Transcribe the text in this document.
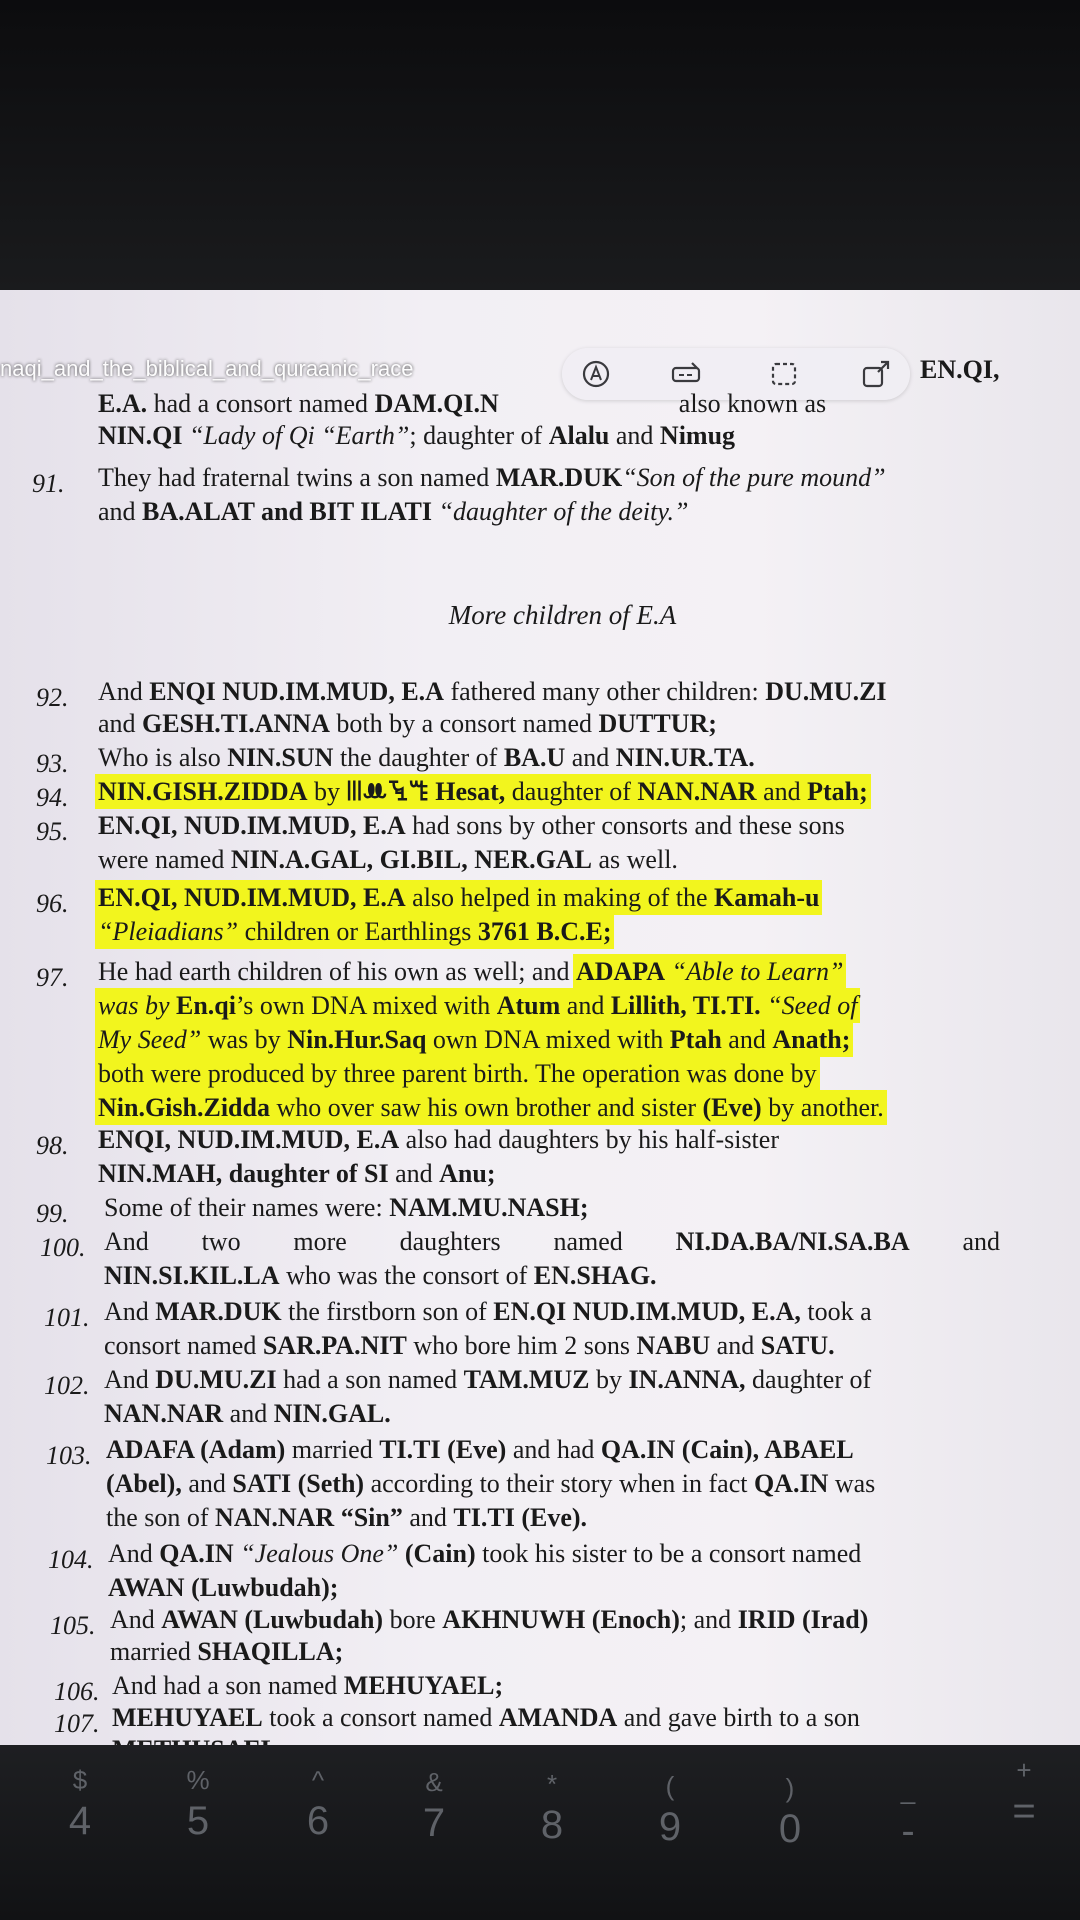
naqi_and_the_biblical_and_quraanic_race	EN.QI,
E.A. had a consort named DAM.QI.N	also known as
NIN.QI “Lady of Qi “Earth”; daughter of Alalu and Nimug
91. They had fraternal twins a son named MAR.DUK“Son of the pure mound”
and BA.ALAT and BIT ILATI “daughter of the deity.”
More children of E.A
92. And ENQI NUD.IM.MUD, E.A fathered many other children: DU.MU.ZI
and GESH.TI.ANNA both by a consort named DUTTUR;
93. Who is also NIN.SUN the daughter of BA.U and NIN.UR.TA.
94. NIN.GISH.ZIDDA by ꔖꔚꔃꔏ Hesat, daughter of NAN.NAR and Ptah;
95. EN.QI, NUD.IM.MUD, E.A had sons by other consorts and these sons
were named NIN.A.GAL, GI.BIL, NER.GAL as well.
96. EN.QI, NUD.IM.MUD, E.A also helped in making of the Kamah-u
“Pleiadians” children or Earthlings 3761 B.C.E;
97. He had earth children of his own as well; and ADAPA “Able to Learn”
was by En.qi’s own DNA mixed with Atum and Lillith, TI.TI. “Seed of
My Seed” was by Nin.Hur.Saq own DNA mixed with Ptah and Anath;
both were produced by three parent birth. The operation was done by
Nin.Gish.Zidda who over saw his own brother and sister (Eve) by another.
98. ENQI, NUD.IM.MUD, E.A also had daughters by his half-sister
NIN.MAH, daughter of SI and Anu;
99. Some of their names were: NAM.MU.NASH;
100. And two more daughters named NI.DA.BA/NI.SA.BA and
NIN.SI.KIL.LA who was the consort of EN.SHAG.
101. And MAR.DUK the firstborn son of EN.QI NUD.IM.MUD, E.A, took a
consort named SAR.PA.NIT who bore him 2 sons NABU and SATU.
102. And DU.MU.ZI had a son named TAM.MUZ by IN.ANNA, daughter of
NAN.NAR and NIN.GAL.
103. ADAFA (Adam) married TI.TI (Eve) and had QA.IN (Cain), ABAEL
(Abel), and SATI (Seth) according to their story when in fact QA.IN was
the son of NAN.NAR “Sin” and TI.TI (Eve).
104. And QA.IN “Jealous One” (Cain) took his sister to be a consort named
AWAN (Luwbudah);
105. And AWAN (Luwbudah) bore AKHNUWH (Enoch); and IRID (Irad)
married SHAQILLA;
106. And had a son named MEHUYAEL;
107. MEHUYAEL took a consort named AMANDA and gave birth to a son
$
4
%
5
^
6
&
7
*
8
(
9
)
0
_
-
+
=
